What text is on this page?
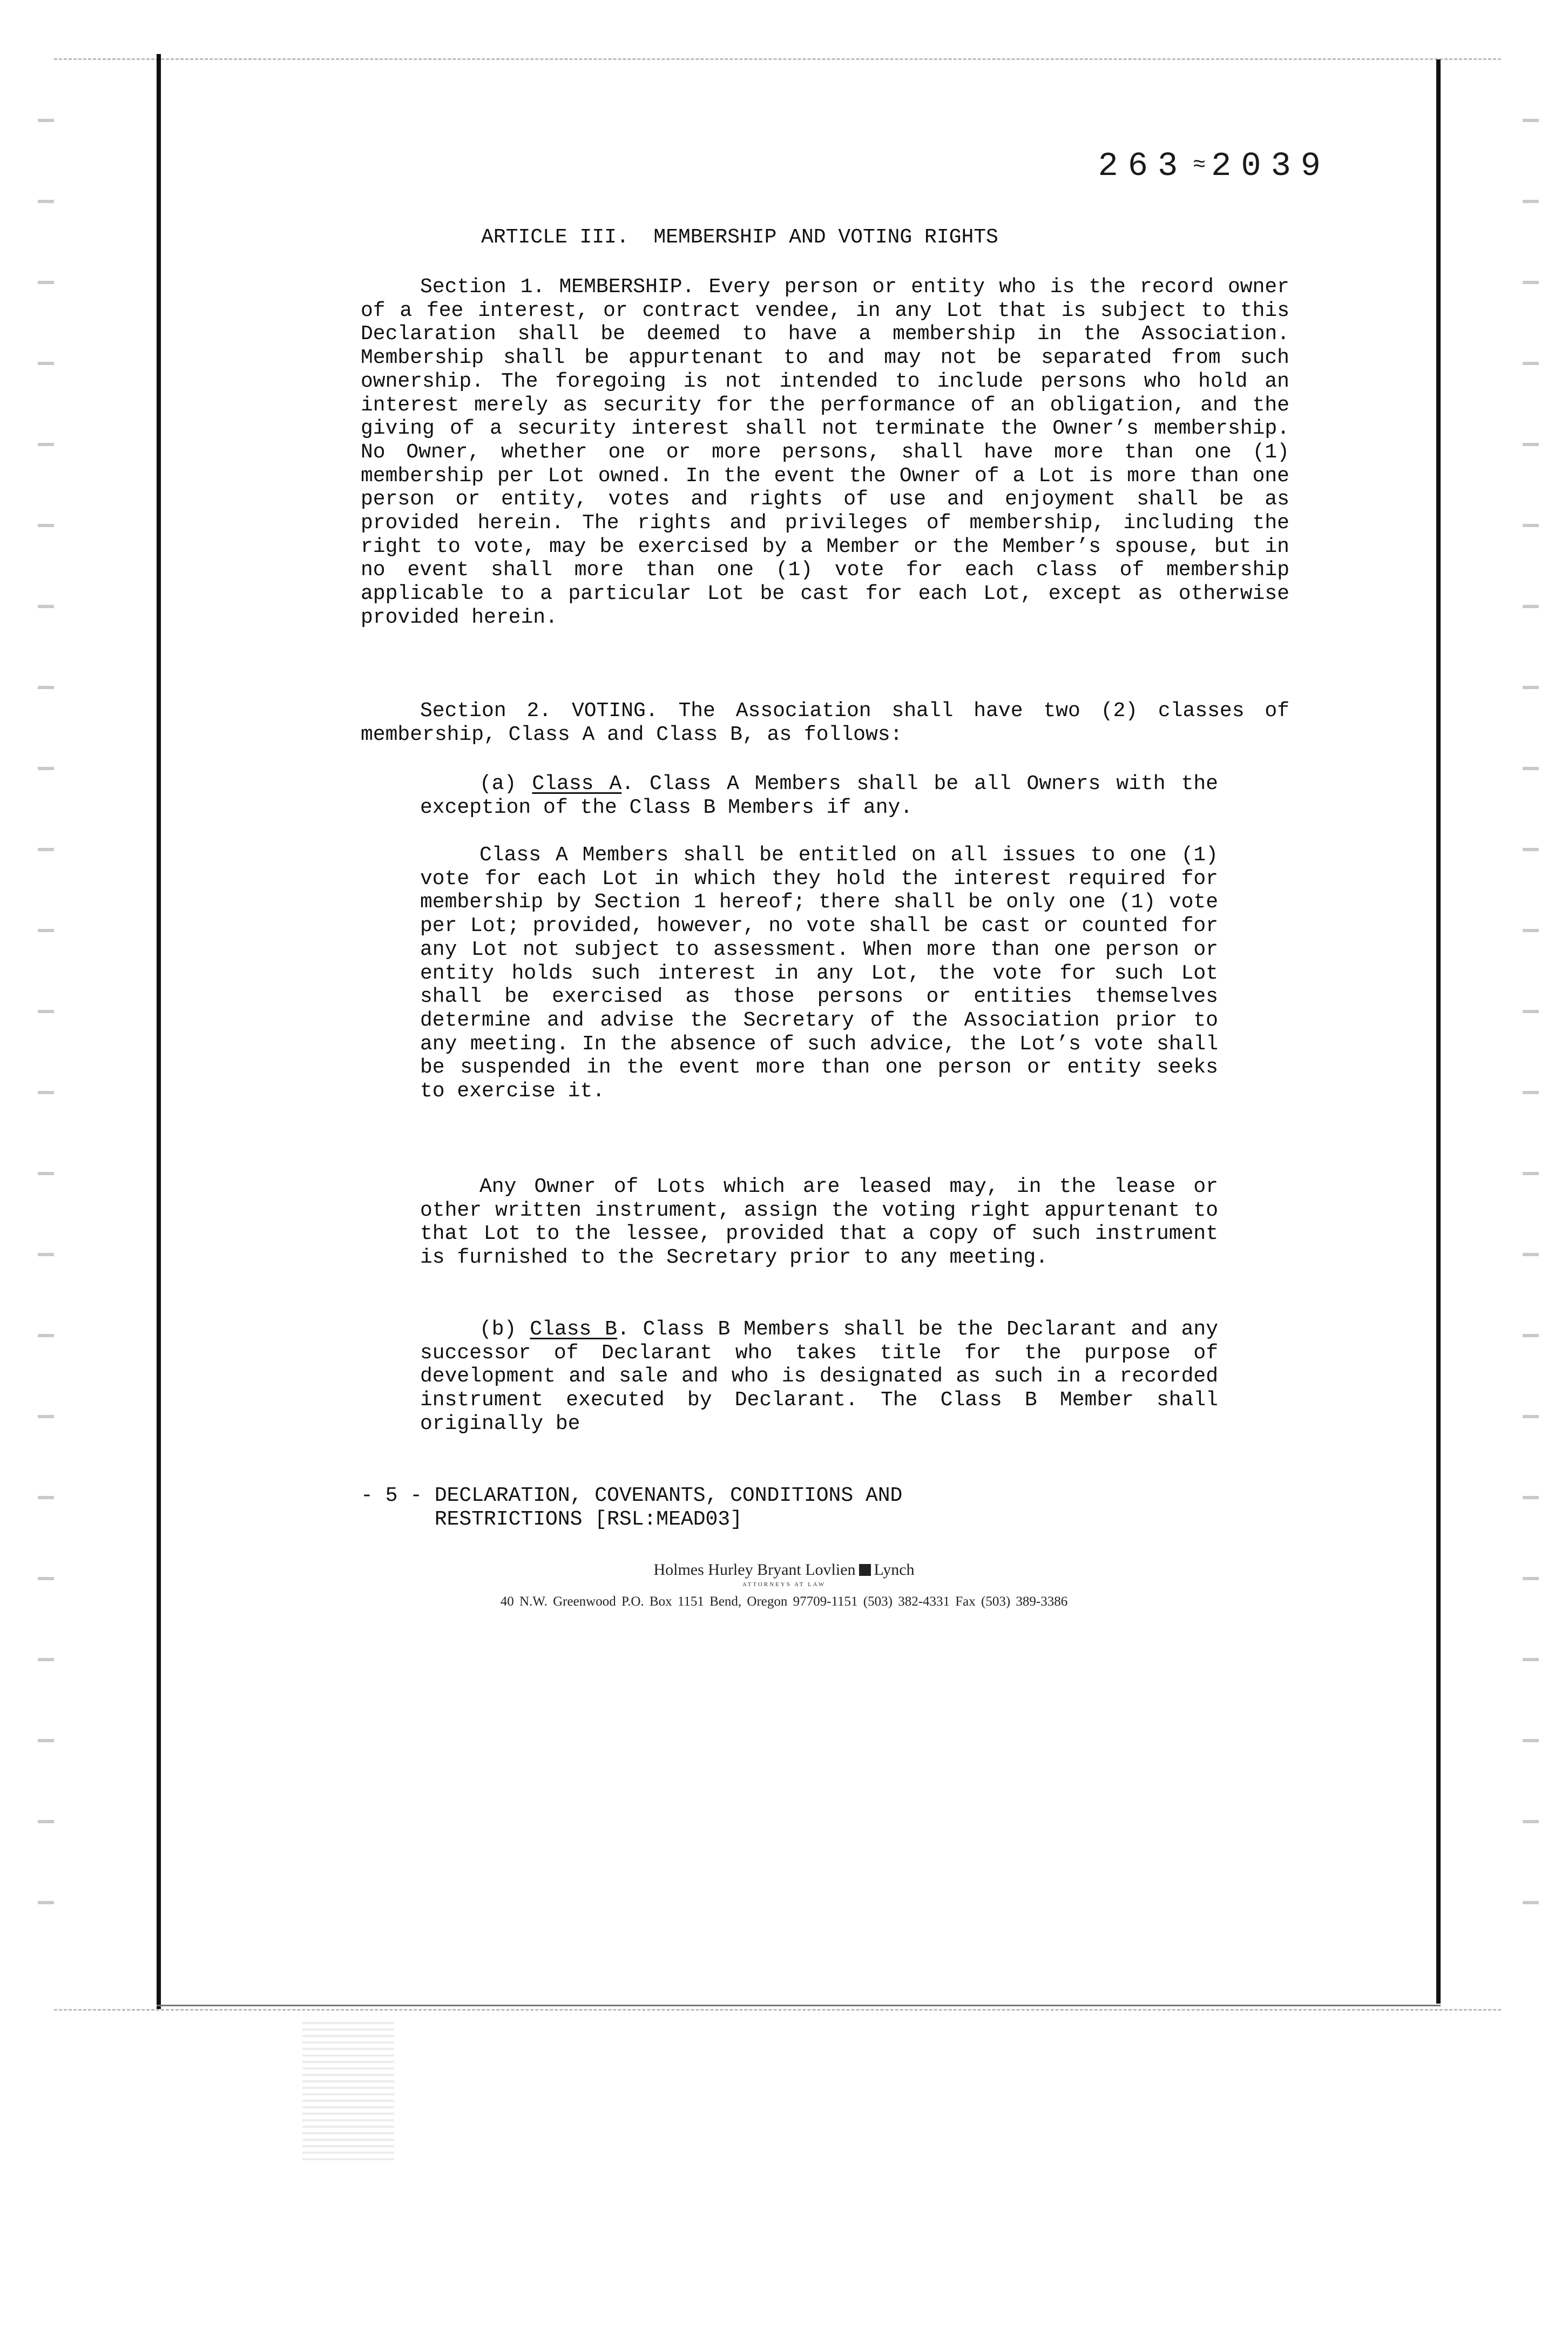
263 ≈ 2039
ARTICLE III.  MEMBERSHIP AND VOTING RIGHTS

Section 1. MEMBERSHIP. Every person or entity who is the record owner of a fee interest, or contract vendee, in any Lot that is subject to this Declaration shall be deemed to have a membership in the Association. Membership shall be appurtenant to and may not be separated from such ownership. The foregoing is not intended to include persons who hold an interest merely as security for the performance of an obligation, and the giving of a security interest shall not terminate the Owner’s membership. No Owner, whether one or more persons, shall have more than one (1) membership per Lot owned. In the event the Owner of a Lot is more than one person or entity, votes and rights of use and enjoyment shall be as provided herein. The rights and privileges of membership, including the right to vote, may be exercised by a Member or the Member’s spouse, but in no event shall more than one (1) vote for each class of membership applicable to a particular Lot be cast for each Lot, except as otherwise provided herein.

Section 2. VOTING. The Association shall have two (2) classes of membership, Class A and Class B, as follows:

(a) Class A. Class A Members shall be all Owners with the exception of the Class B Members if any.

Class A Members shall be entitled on all issues to one (1) vote for each Lot in which they hold the interest required for membership by Section 1 hereof; there shall be only one (1) vote per Lot; provided, however, no vote shall be cast or counted for any Lot not subject to assessment. When more than one person or entity holds such interest in any Lot, the vote for such Lot shall be exercised as those persons or entities themselves determine and advise the Secretary of the Association prior to any meeting. In the absence of such advice, the Lot’s vote shall be suspended in the event more than one person or entity seeks to exercise it.

Any Owner of Lots which are leased may, in the lease or other written instrument, assign the voting right appurtenant to that Lot to the lessee, provided that a copy of such instrument is furnished to the Secretary prior to any meeting.

(b) Class B. Class B Members shall be the Declarant and any successor of Declarant who takes title for the purpose of development and sale and who is designated as such in a recorded instrument executed by Declarant. The Class B Member shall originally be

- 5 - DECLARATION, COVENANTS, CONDITIONS AND
RESTRICTIONS [RSL:MEAD03]
Holmes Hurley Bryant Lovlien Lynch
ATTORNEYS AT LAW
40 N.W. Greenwood P.O. Box 1151 Bend, Oregon 97709-1151 (503) 382-4331 Fax (503) 389-3386
